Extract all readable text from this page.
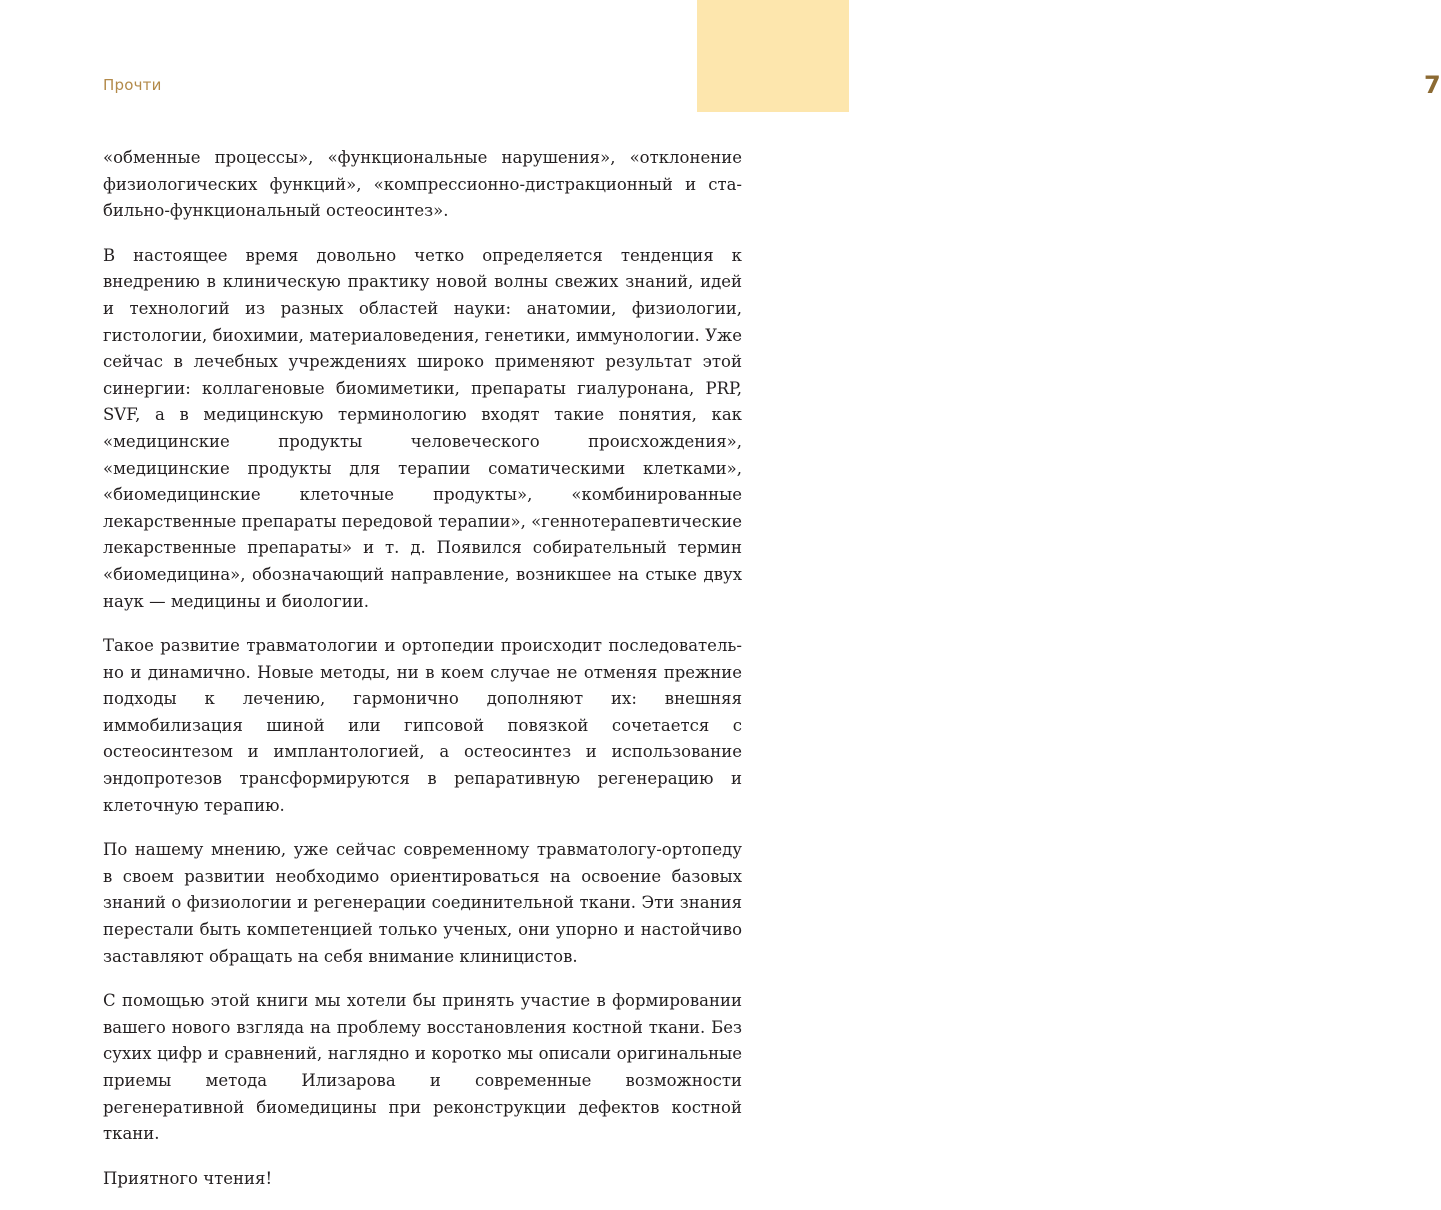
7
Прочти

«обменные процессы», «функциональные нарушения», «отклонение физиологических функций», «компрессионно-дистракционный и стабильно-функциональный остеосинтез».

В настоящее время довольно четко определяется тенденция к внедрению в клиническую практику новой волны свежих знаний, идей и технологий из разных областей науки: анатомии, физиологии, гистологии, биохимии, материаловедения, генетики, иммунологии. Уже сейчас в лечебных учреждениях широко применяют результат этой синергии: коллагеновые биомиметики, препараты гиалуронана, PRP, SVF, а в медицинскую терминологию входят такие понятия, как «медицинские продукты человеческого происхождения», «медицинские продукты для терапии соматическими клетками», «биомедицинские клеточные продукты», «комбинированные лекарственные препараты передовой терапии», «геннотерапевтические лекарственные препараты» и т. д. Появился собирательный термин «биомедицина», обозначающий направление, возникшее на стыке двух наук — медицины и биологии.

Такое развитие травматологии и ортопедии происходит последовательно и динамично. Новые методы, ни в коем случае не отменяя прежние подходы к лечению, гармонично дополняют их: внешняя иммобилизация шиной или гипсовой повязкой сочетается с остеосинтезом и имплантологией, а остеосинтез и использование эндопротезов трансформируются в репаративную регенерацию и клеточную терапию.

По нашему мнению, уже сейчас современному травматологу-ортопеду в своем развитии необходимо ориентироваться на освоение базовых знаний о физиологии и регенерации соединительной ткани. Эти знания перестали быть компетенцией только ученых, они упорно и настойчиво заставляют обращать на себя внимание клиницистов.

С помощью этой книги мы хотели бы принять участие в формировании вашего нового взгляда на проблему восстановления костной ткани. Без сухих цифр и сравнений, наглядно и коротко мы описали оригинальные приемы метода Илизарова и современные возможности регенеративной биомедицины при реконструкции дефектов костной ткани.

Приятного чтения!
